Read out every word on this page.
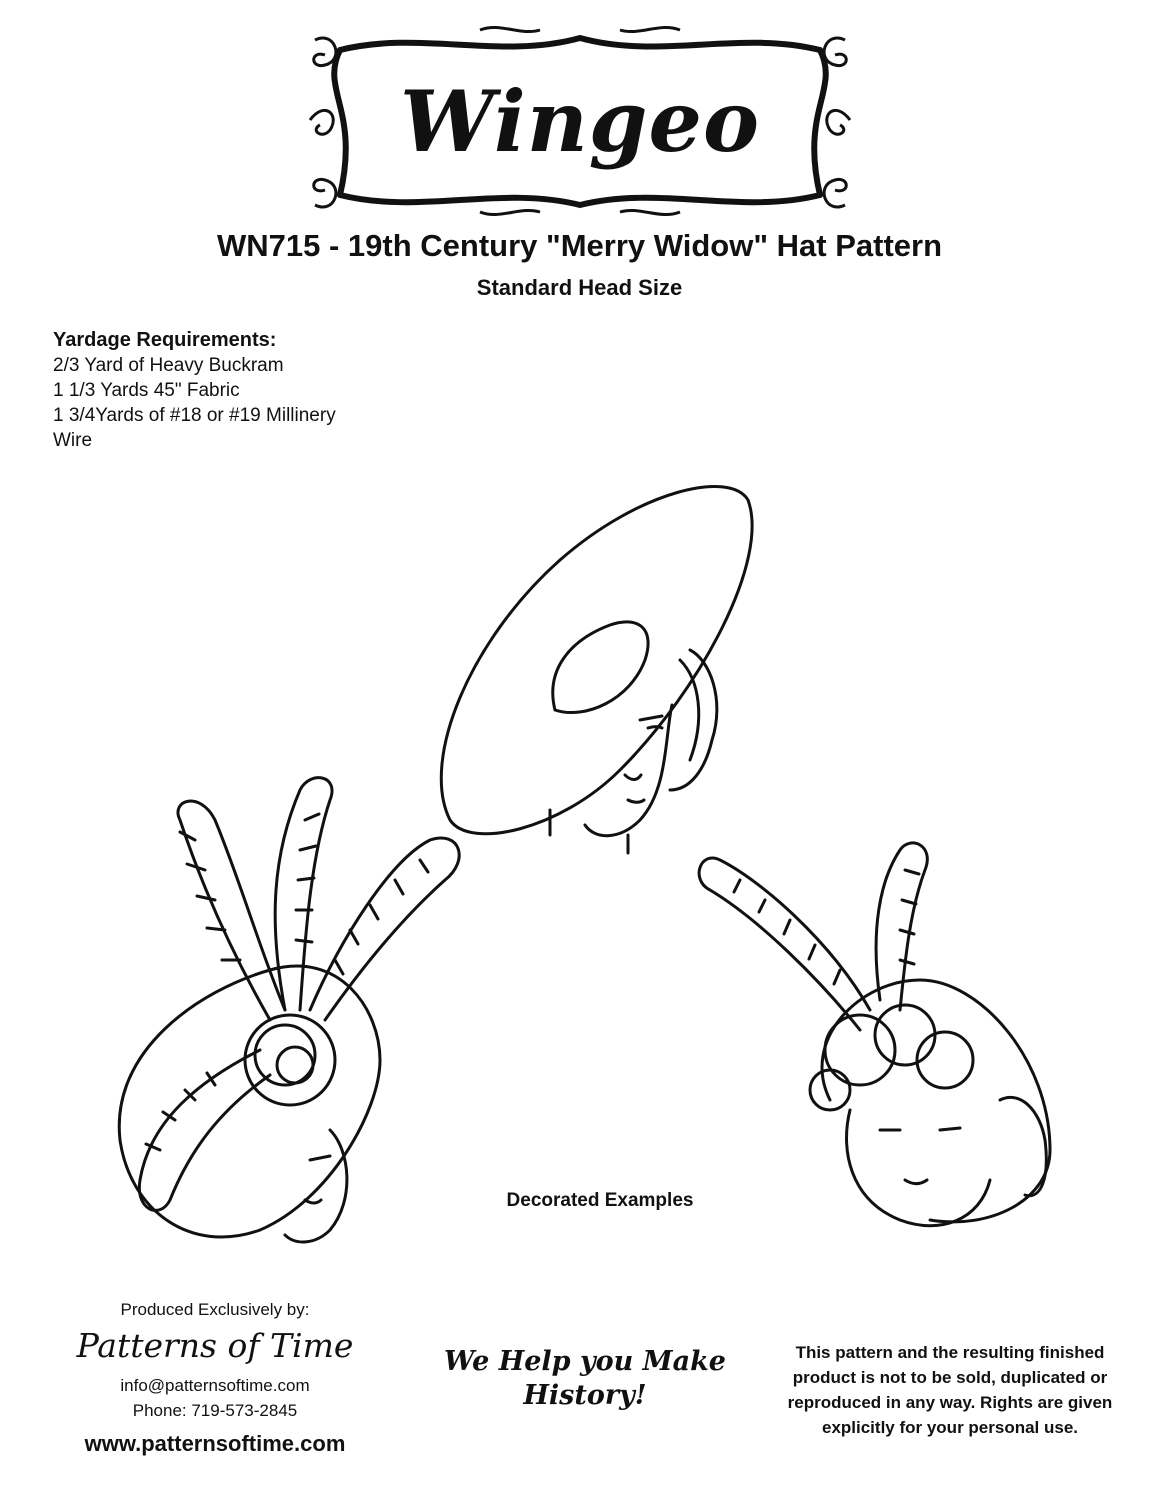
Wingeo
WN715 - 19th Century "Merry Widow" Hat Pattern
Standard Head Size
Yardage Requirements:
2/3 Yard of Heavy Buckram
1 1/3 Yards 45" Fabric
1 3/4Yards of #18 or #19 Millinery
Wire
Decorated Examples
Produced Exclusively by:
Patterns of Time
info@patternsoftime.com
Phone: 719-573-2845
www.patternsoftime.com
We Help you Make
History!
This pattern and the resulting finished product is not to be sold, duplicated or reproduced in any way. Rights are given explicitly for your personal use.
